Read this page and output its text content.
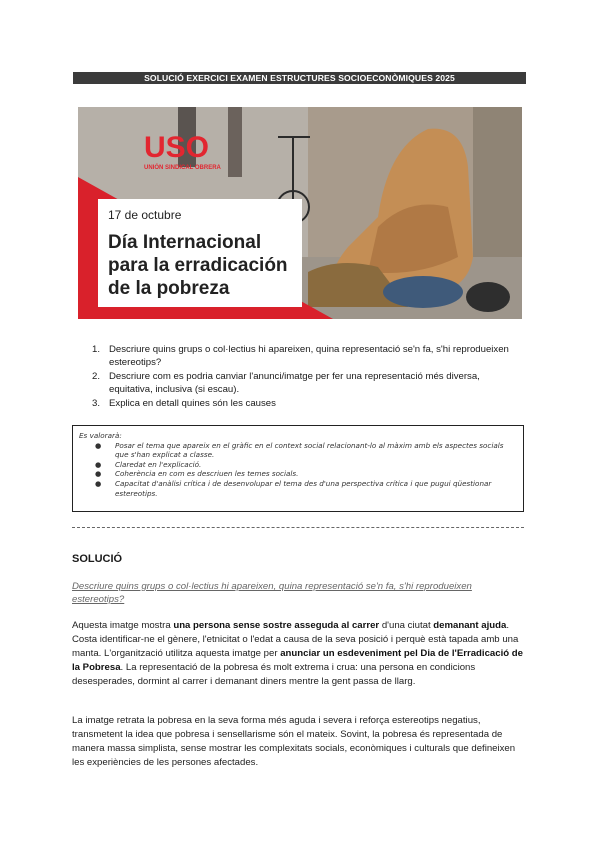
SOLUCIÓ EXERCICI EXAMEN ESTRUCTURES SOCIOECONÒMIQUES 2025
USO
UNIÓN SINDICAL OBRERA
17 de octubre
Día Internacional
para la erradicación
de la pobreza
1. Descriure quins grups o col·lectius hi apareixen, quina representació se'n fa, s'hi reprodueixen estereotips?
2. Descriure com es podria canviar l'anunci/imatge per fer una representació més diversa, equitativa, inclusiva (si escau).
3. Explica en detall quines són les causes
Es valorarà:
● Posar el tema que apareix en el gràfic en el context social relacionant-lo al màxim amb els aspectes socials que s'han explicat a classe.
● Claredat en l'explicació.
● Coherència en com es descriuen les temes socials.
● Capacitat d'anàlisi crítica i de desenvolupar el tema des d'una perspectiva crítica i que pugui qüestionar estereotips.
SOLUCIÓ
Descriure quins grups o col·lectius hi apareixen, quina representació se'n fa, s'hi reprodueixen estereotips?
Aquesta imatge mostra una persona sense sostre asseguda al carrer d'una ciutat demanant ajuda. Costa identificar-ne el gènere, l'etnicitat o l'edat a causa de la seva posició i perquè està tapada amb una manta. L'organització utilitza aquesta imatge per anunciar un esdeveniment pel Dia de l'Erradicació de la Pobresa. La representació de la pobresa és molt extrema i crua: una persona en condicions desesperades, dormint al carrer i demanant diners mentre la gent passa de llarg.
La imatge retrata la pobresa en la seva forma més aguda i severa i reforça estereotips negatius, transmetent la idea que pobresa i sensellarisme són el mateix. Sovint, la pobresa és representada de manera massa simplista, sense mostrar les complexitats socials, econòmiques i culturals que defineixen les experiències de les persones afectades.
